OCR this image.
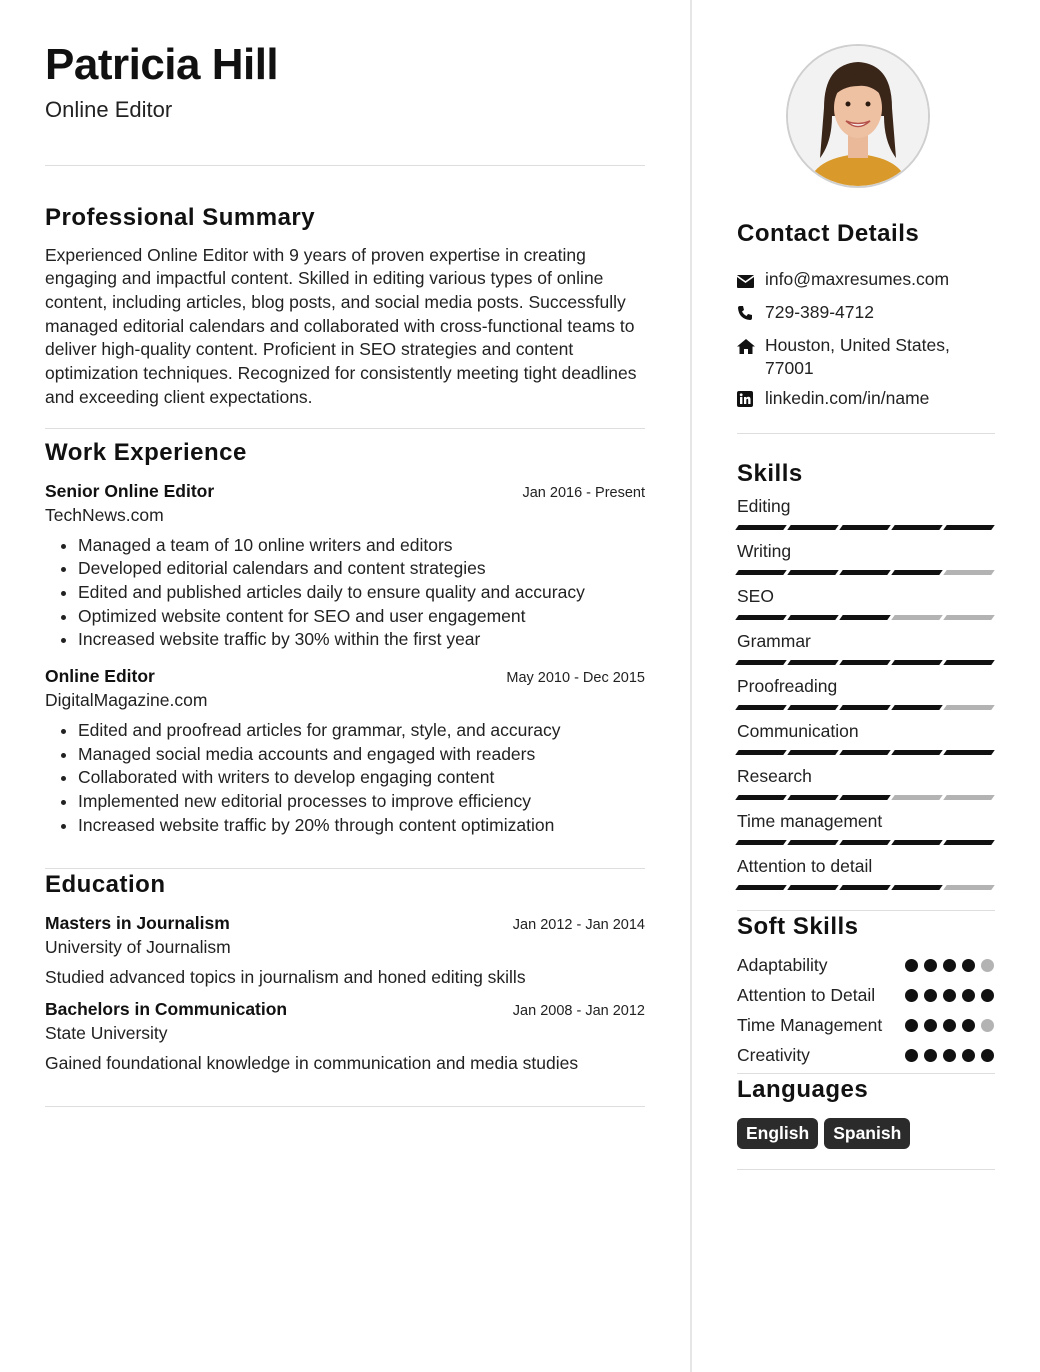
Patricia Hill
Online Editor
Professional Summary
Experienced Online Editor with 9 years of proven expertise in creating engaging and impactful content. Skilled in editing various types of online content, including articles, blog posts, and social media posts. Successfully managed editorial calendars and collaborated with cross-functional teams to deliver high-quality content. Proficient in SEO strategies and content optimization techniques. Recognized for consistently meeting tight deadlines and exceeding client expectations.
Work Experience
Senior Online Editor	Jan 2016 - Present
TechNews.com
• Managed a team of 10 online writers and editors
• Developed editorial calendars and content strategies
• Edited and published articles daily to ensure quality and accuracy
• Optimized website content for SEO and user engagement
• Increased website traffic by 30% within the first year
Online Editor	May 2010 - Dec 2015
DigitalMagazine.com
• Edited and proofread articles for grammar, style, and accuracy
• Managed social media accounts and engaged with readers
• Collaborated with writers to develop engaging content
• Implemented new editorial processes to improve efficiency
• Increased website traffic by 20% through content optimization
Education
Masters in Journalism	Jan 2012 - Jan 2014
University of Journalism
Studied advanced topics in journalism and honed editing skills
Bachelors in Communication	Jan 2008 - Jan 2012
State University
Gained foundational knowledge in communication and media studies
Contact Details
info@maxresumes.com
729-389-4712
Houston, United States, 77001
linkedin.com/in/name
Skills
Editing
Writing
SEO
Grammar
Proofreading
Communication
Research
Time management
Attention to detail
Soft Skills
Adaptability
Attention to Detail
Time Management
Creativity
Languages
English Spanish
